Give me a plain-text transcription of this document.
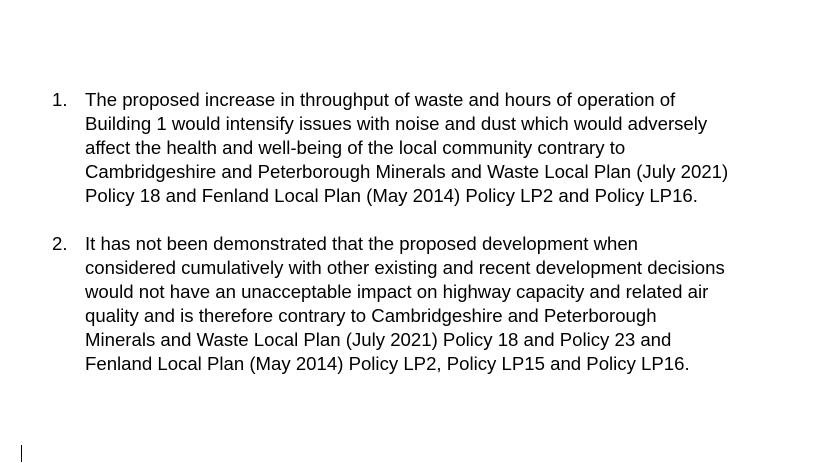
1. The proposed increase in throughput of waste and hours of operation of
Building 1 would intensify issues with noise and dust which would adversely
affect the health and well-being of the local community contrary to
Cambridgeshire and Peterborough Minerals and Waste Local Plan (July 2021)
Policy 18 and Fenland Local Plan (May 2014) Policy LP2 and Policy LP16.
2. It has not been demonstrated that the proposed development when
considered cumulatively with other existing and recent development decisions
would not have an unacceptable impact on highway capacity and related air
quality and is therefore contrary to Cambridgeshire and Peterborough
Minerals and Waste Local Plan (July 2021) Policy 18 and Policy 23 and
Fenland Local Plan (May 2014) Policy LP2, Policy LP15 and Policy LP16.
